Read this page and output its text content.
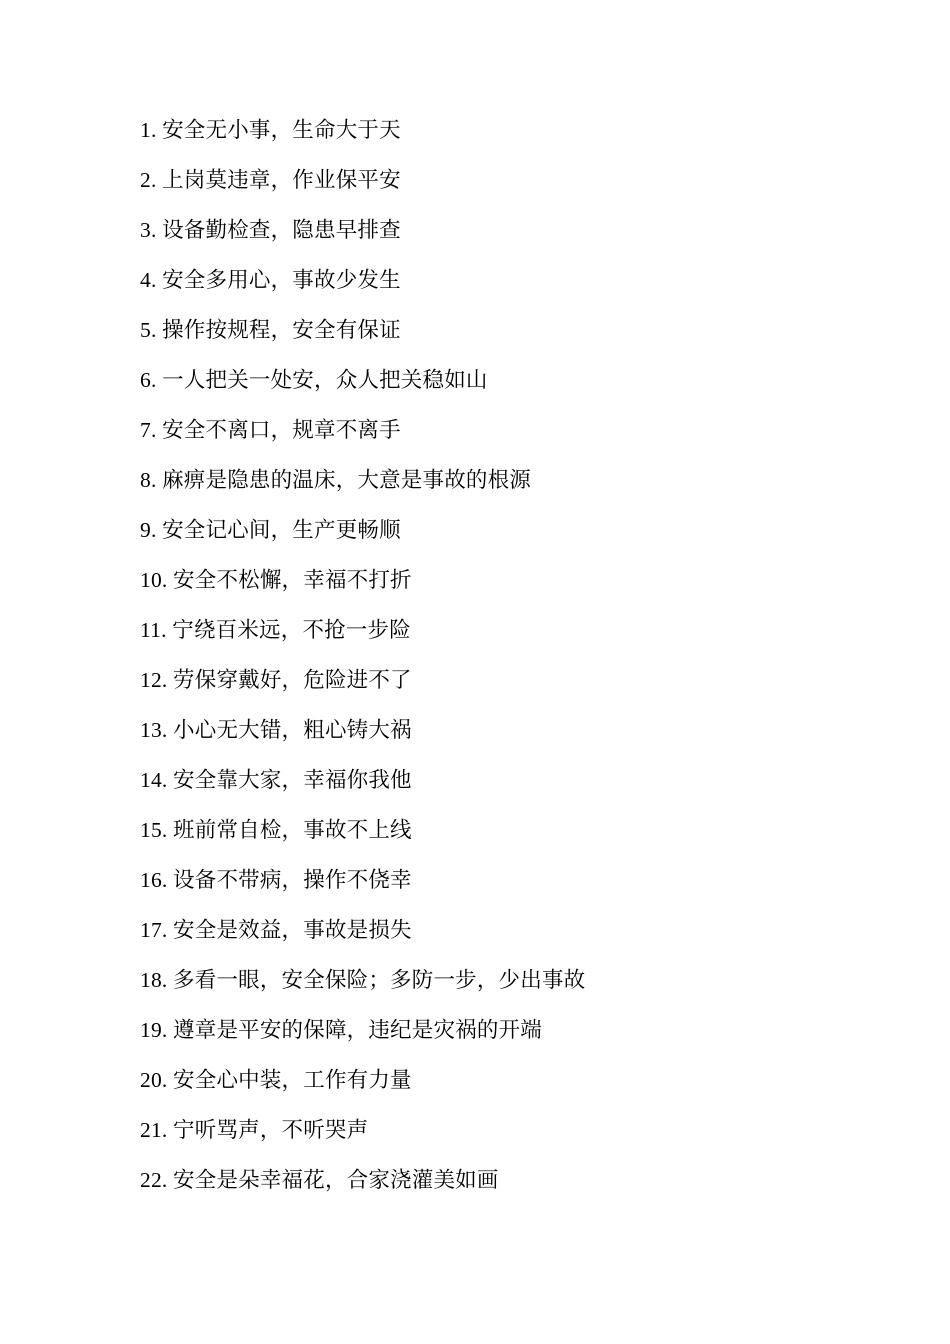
1. 安全无小事，生命大于天
2. 上岗莫违章，作业保平安
3. 设备勤检查，隐患早排查
4. 安全多用心，事故少发生
5. 操作按规程，安全有保证
6. 一人把关一处安，众人把关稳如山
7. 安全不离口，规章不离手
8. 麻痹是隐患的温床，大意是事故的根源
9. 安全记心间，生产更畅顺
10. 安全不松懈，幸福不打折
11. 宁绕百米远，不抢一步险
12. 劳保穿戴好，危险进不了
13. 小心无大错，粗心铸大祸
14. 安全靠大家，幸福你我他
15. 班前常自检，事故不上线
16. 设备不带病，操作不侥幸
17. 安全是效益，事故是损失
18. 多看一眼，安全保险；多防一步，少出事故
19. 遵章是平安的保障，违纪是灾祸的开端
20. 安全心中装，工作有力量
21. 宁听骂声，不听哭声
22. 安全是朵幸福花，合家浇灌美如画
